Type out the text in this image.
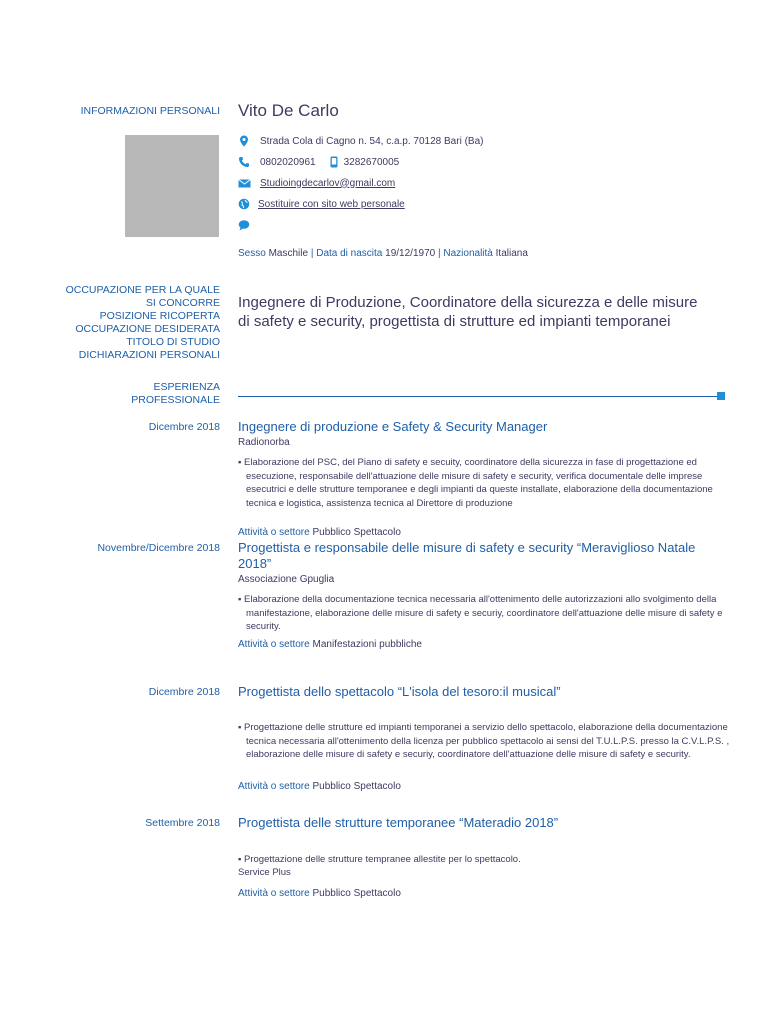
INFORMAZIONI PERSONALI Vito De Carlo
Strada Cola di Cagno n. 54, c.a.p. 70128 Bari (Ba)
0802020961	3282670005
Studioingdecarlov@gmail.com
Sostituire con sito web personale
Sesso Maschile | Data di nascita 19/12/1970 | Nazionalità Italiana
OCCUPAZIONE PER LA QUALE
SI CONCORRE
POSIZIONE RICOPERTA
OCCUPAZIONE DESIDERATA
TITOLO DI STUDIO
DICHIARAZIONI PERSONALI
Ingegnere di Produzione, Coordinatore della sicurezza e delle misure di safety e security, progettista di strutture ed impianti temporanei
ESPERIENZA
PROFESSIONALE
Dicembre 2018 Ingegnere di produzione e Safety & Security Manager
Radionorba
▪ Elaborazione del PSC, del Piano di safety e secuity, coordinatore della sicurezza in fase di progettazione ed esecuzione, responsabile dell'attuazione delle misure di safety e security, verifica documentale delle imprese esecutrici e delle strutture temporanee e degli impianti da queste installate, elaborazione della documentazione tecnica e logistica, assistenza tecnica al Direttore di produzione
Attività o settore Pubblico Spettacolo
Novembre/Dicembre 2018 Progettista e responsabile delle misure di safety e security “Meraviglioso Natale 2018”
Associazione Gpuglia
▪ Elaborazione della documentazione tecnica necessaria all'ottenimento delle autorizzazioni allo svolgimento della manifestazione, elaborazione delle misure di safety e securiy, coordinatore dell'attuazione delle misure di safety e security.
Attività o settore Manifestazioni pubbliche
Dicembre 2018 Progettista dello spettacolo “L'isola del tesoro:il musical”
▪ Progettazione delle strutture ed impianti temporanei a servizio dello spettacolo, elaborazione della documentazione tecnica necessaria all'ottenimento della licenza per pubblico spettacolo ai sensi del T.U.L.P.S. presso la C.V.L.P.S. , elaborazione delle misure di safety e securiy, coordinatore dell'attuazione delle misure di safety e security.
Attività o settore Pubblico Spettacolo
Settembre 2018 Progettista delle strutture temporanee “Materadio 2018”
▪ Progettazione delle strutture tempranee allestite per lo spettacolo.
Service Plus
Attività o settore Pubblico Spettacolo
